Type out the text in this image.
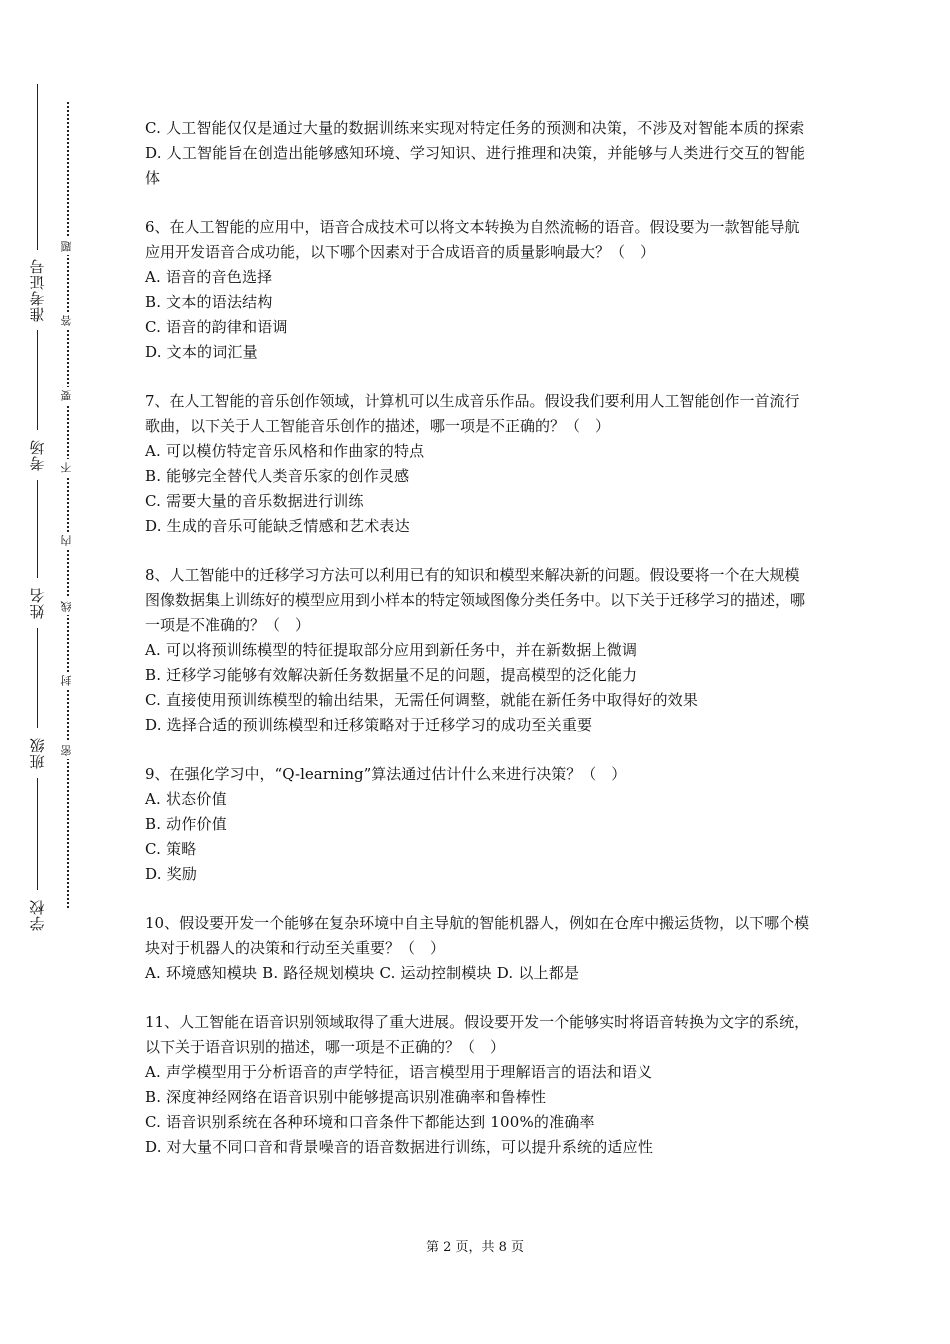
准考证号
考场
姓名
班级
学校
题
答
要
不
内
线
封
密

C. 人工智能仅仅是通过大量的数据训练来实现对特定任务的预测和决策，不涉及对智能本质的探索

D. 人工智能旨在创造出能够感知环境、学习知识、进行推理和决策，并能够与人类进行交互的智能体

6、在人工智能的应用中，语音合成技术可以将文本转换为自然流畅的语音。假设要为一款智能导航应用开发语音合成功能，以下哪个因素对于合成语音的质量影响最大？（　）

A. 语音的音色选择

B. 文本的语法结构

C. 语音的韵律和语调

D. 文本的词汇量

7、在人工智能的音乐创作领域，计算机可以生成音乐作品。假设我们要利用人工智能创作一首流行歌曲，以下关于人工智能音乐创作的描述，哪一项是不正确的？（　）

A. 可以模仿特定音乐风格和作曲家的特点

B. 能够完全替代人类音乐家的创作灵感

C. 需要大量的音乐数据进行训练

D. 生成的音乐可能缺乏情感和艺术表达

8、人工智能中的迁移学习方法可以利用已有的知识和模型来解决新的问题。假设要将一个在大规模图像数据集上训练好的模型应用到小样本的特定领域图像分类任务中。以下关于迁移学习的描述，哪一项是不准确的？（　）

A. 可以将预训练模型的特征提取部分应用到新任务中，并在新数据上微调

B. 迁移学习能够有效解决新任务数据量不足的问题，提高模型的泛化能力

C. 直接使用预训练模型的输出结果，无需任何调整，就能在新任务中取得好的效果

D. 选择合适的预训练模型和迁移策略对于迁移学习的成功至关重要

9、在强化学习中，“Q-learning”算法通过估计什么来进行决策？（　）

A. 状态价值

B. 动作价值

C. 策略

D. 奖励

10、假设要开发一个能够在复杂环境中自主导航的智能机器人，例如在仓库中搬运货物，以下哪个模块对于机器人的决策和行动至关重要？（　）

A. 环境感知模块 B. 路径规划模块 C. 运动控制模块 D. 以上都是

11、人工智能在语音识别领域取得了重大进展。假设要开发一个能够实时将语音转换为文字的系统，以下关于语音识别的描述，哪一项是不正确的？（　）

A. 声学模型用于分析语音的声学特征，语言模型用于理解语言的语法和语义

B. 深度神经网络在语音识别中能够提高识别准确率和鲁棒性

C. 语音识别系统在各种环境和口音条件下都能达到 100%的准确率

D. 对大量不同口音和背景噪音的语音数据进行训练，可以提升系统的适应性

第 2 页，共 8 页
